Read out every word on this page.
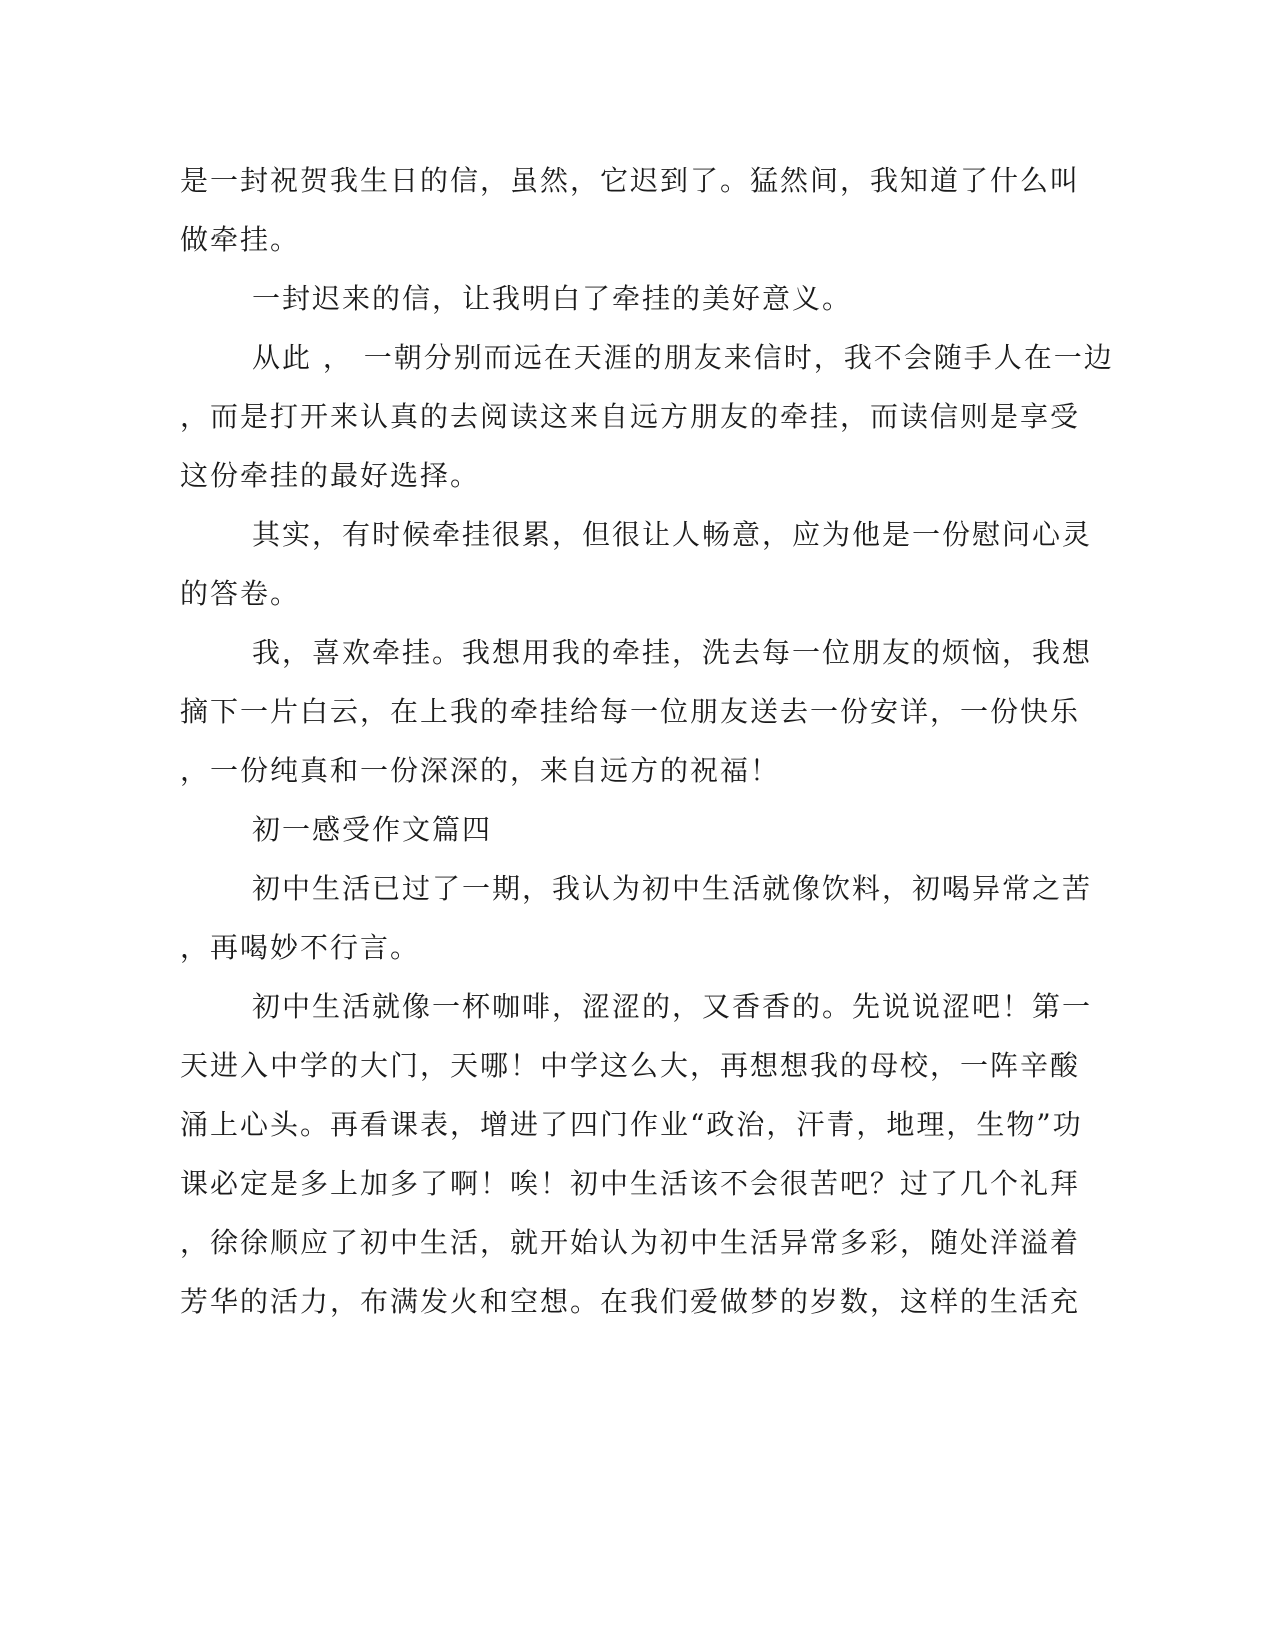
是一封祝贺我生日的信，虽然，它迟到了。猛然间，我知道了什么叫
做牵挂。
一封迟来的信，让我明白了牵挂的美好意义。
从此 ， 一朝分别而远在天涯的朋友来信时，我不会随手人在一边
，而是打开来认真的去阅读这来自远方朋友的牵挂，而读信则是享受
这份牵挂的最好选择。
其实，有时候牵挂很累，但很让人畅意，应为他是一份慰问心灵
的答卷。
我，喜欢牵挂。我想用我的牵挂，洗去每一位朋友的烦恼，我想
摘下一片白云，在上我的牵挂给每一位朋友送去一份安详，一份快乐
，一份纯真和一份深深的，来自远方的祝福！
初一感受作文篇四
初中生活已过了一期，我认为初中生活就像饮料，初喝异常之苦
，再喝妙不行言。
初中生活就像一杯咖啡，涩涩的，又香香的。先说说涩吧！第一
天进入中学的大门，天哪！中学这么大，再想想我的母校，一阵辛酸
涌上心头。再看课表，增进了四门作业“政治，汗青，地理，生物”功
课必定是多上加多了啊！唉！初中生活该不会很苦吧？过了几个礼拜
，徐徐顺应了初中生活，就开始认为初中生活异常多彩，随处洋溢着
芳华的活力，布满发火和空想。在我们爱做梦的岁数，这样的生活充
